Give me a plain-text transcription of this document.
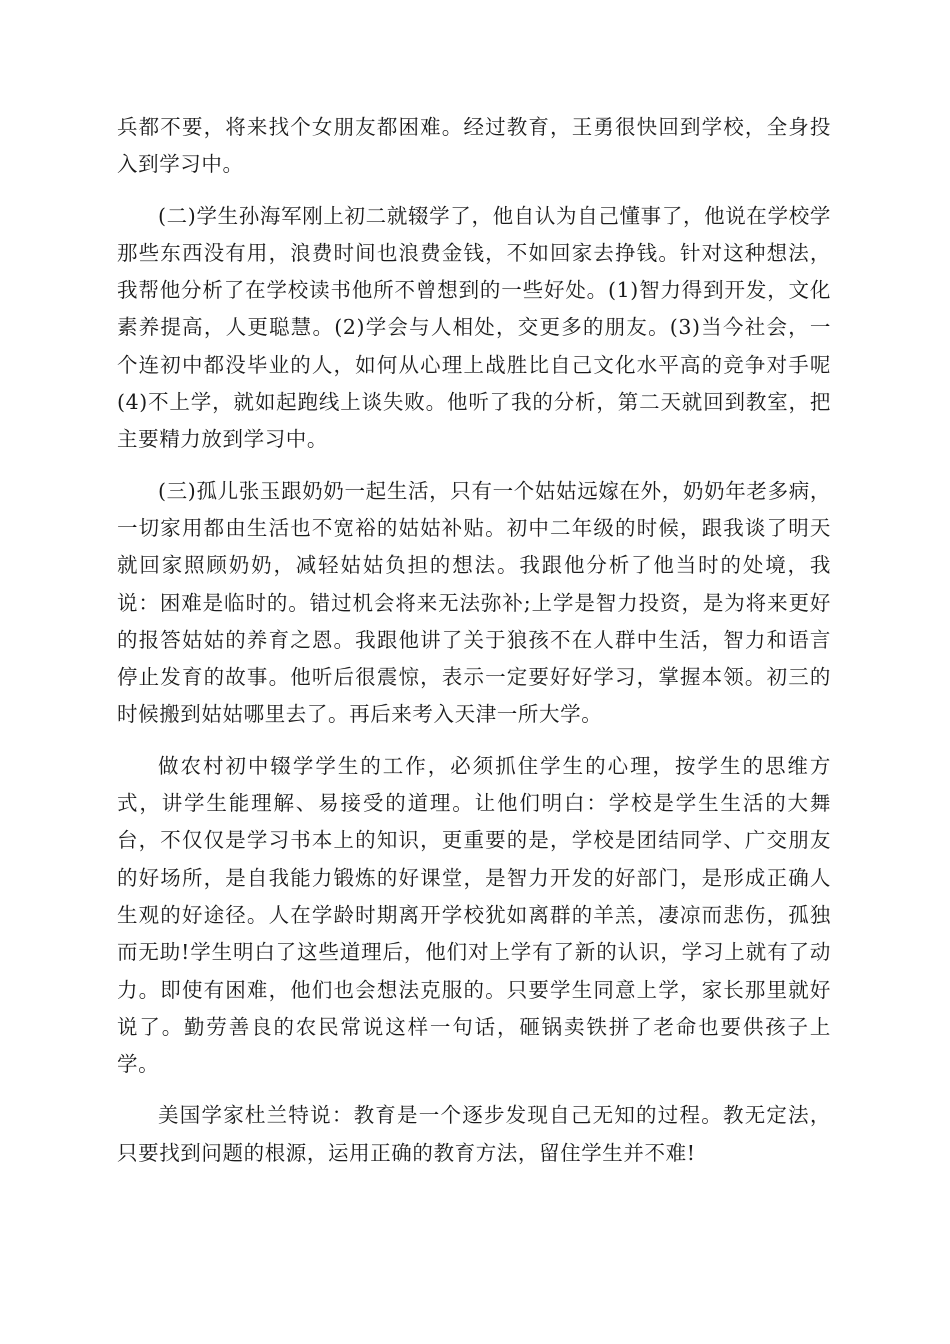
兵都不要，将来找个女朋友都困难。经过教育，王勇很快回到学校，全身投入到学习中。

(二)学生孙海军刚上初二就辍学了，他自认为自己懂事了，他说在学校学那些东西没有用，浪费时间也浪费金钱，不如回家去挣钱。针对这种想法，我帮他分析了在学校读书他所不曾想到的一些好处。(1)智力得到开发，文化素养提高，人更聪慧。(2)学会与人相处，交更多的朋友。(3)当今社会，一个连初中都没毕业的人，如何从心理上战胜比自己文化水平高的竞争对手呢(4)不上学，就如起跑线上谈失败。他听了我的分析，第二天就回到教室，把主要精力放到学习中。

(三)孤儿张玉跟奶奶一起生活，只有一个姑姑远嫁在外，奶奶年老多病，一切家用都由生活也不宽裕的姑姑补贴。初中二年级的时候，跟我谈了明天就回家照顾奶奶，减轻姑姑负担的想法。我跟他分析了他当时的处境，我说：困难是临时的。错过机会将来无法弥补;上学是智力投资，是为将来更好的报答姑姑的养育之恩。我跟他讲了关于狼孩不在人群中生活，智力和语言停止发育的故事。他听后很震惊，表示一定要好好学习，掌握本领。初三的时候搬到姑姑哪里去了。再后来考入天津一所大学。

做农村初中辍学学生的工作，必须抓住学生的心理，按学生的思维方式，讲学生能理解、易接受的道理。让他们明白：学校是学生生活的大舞台，不仅仅是学习书本上的知识，更重要的是，学校是团结同学、广交朋友的好场所，是自我能力锻炼的好课堂，是智力开发的好部门，是形成正确人生观的好途径。人在学龄时期离开学校犹如离群的羊羔，凄凉而悲伤，孤独而无助!学生明白了这些道理后，他们对上学有了新的认识，学习上就有了动力。即使有困难，他们也会想法克服的。只要学生同意上学，家长那里就好说了。勤劳善良的农民常说这样一句话，砸锅卖铁拼了老命也要供孩子上学。

美国学家杜兰特说：教育是一个逐步发现自己无知的过程。教无定法，只要找到问题的根源，运用正确的教育方法，留住学生并不难!
